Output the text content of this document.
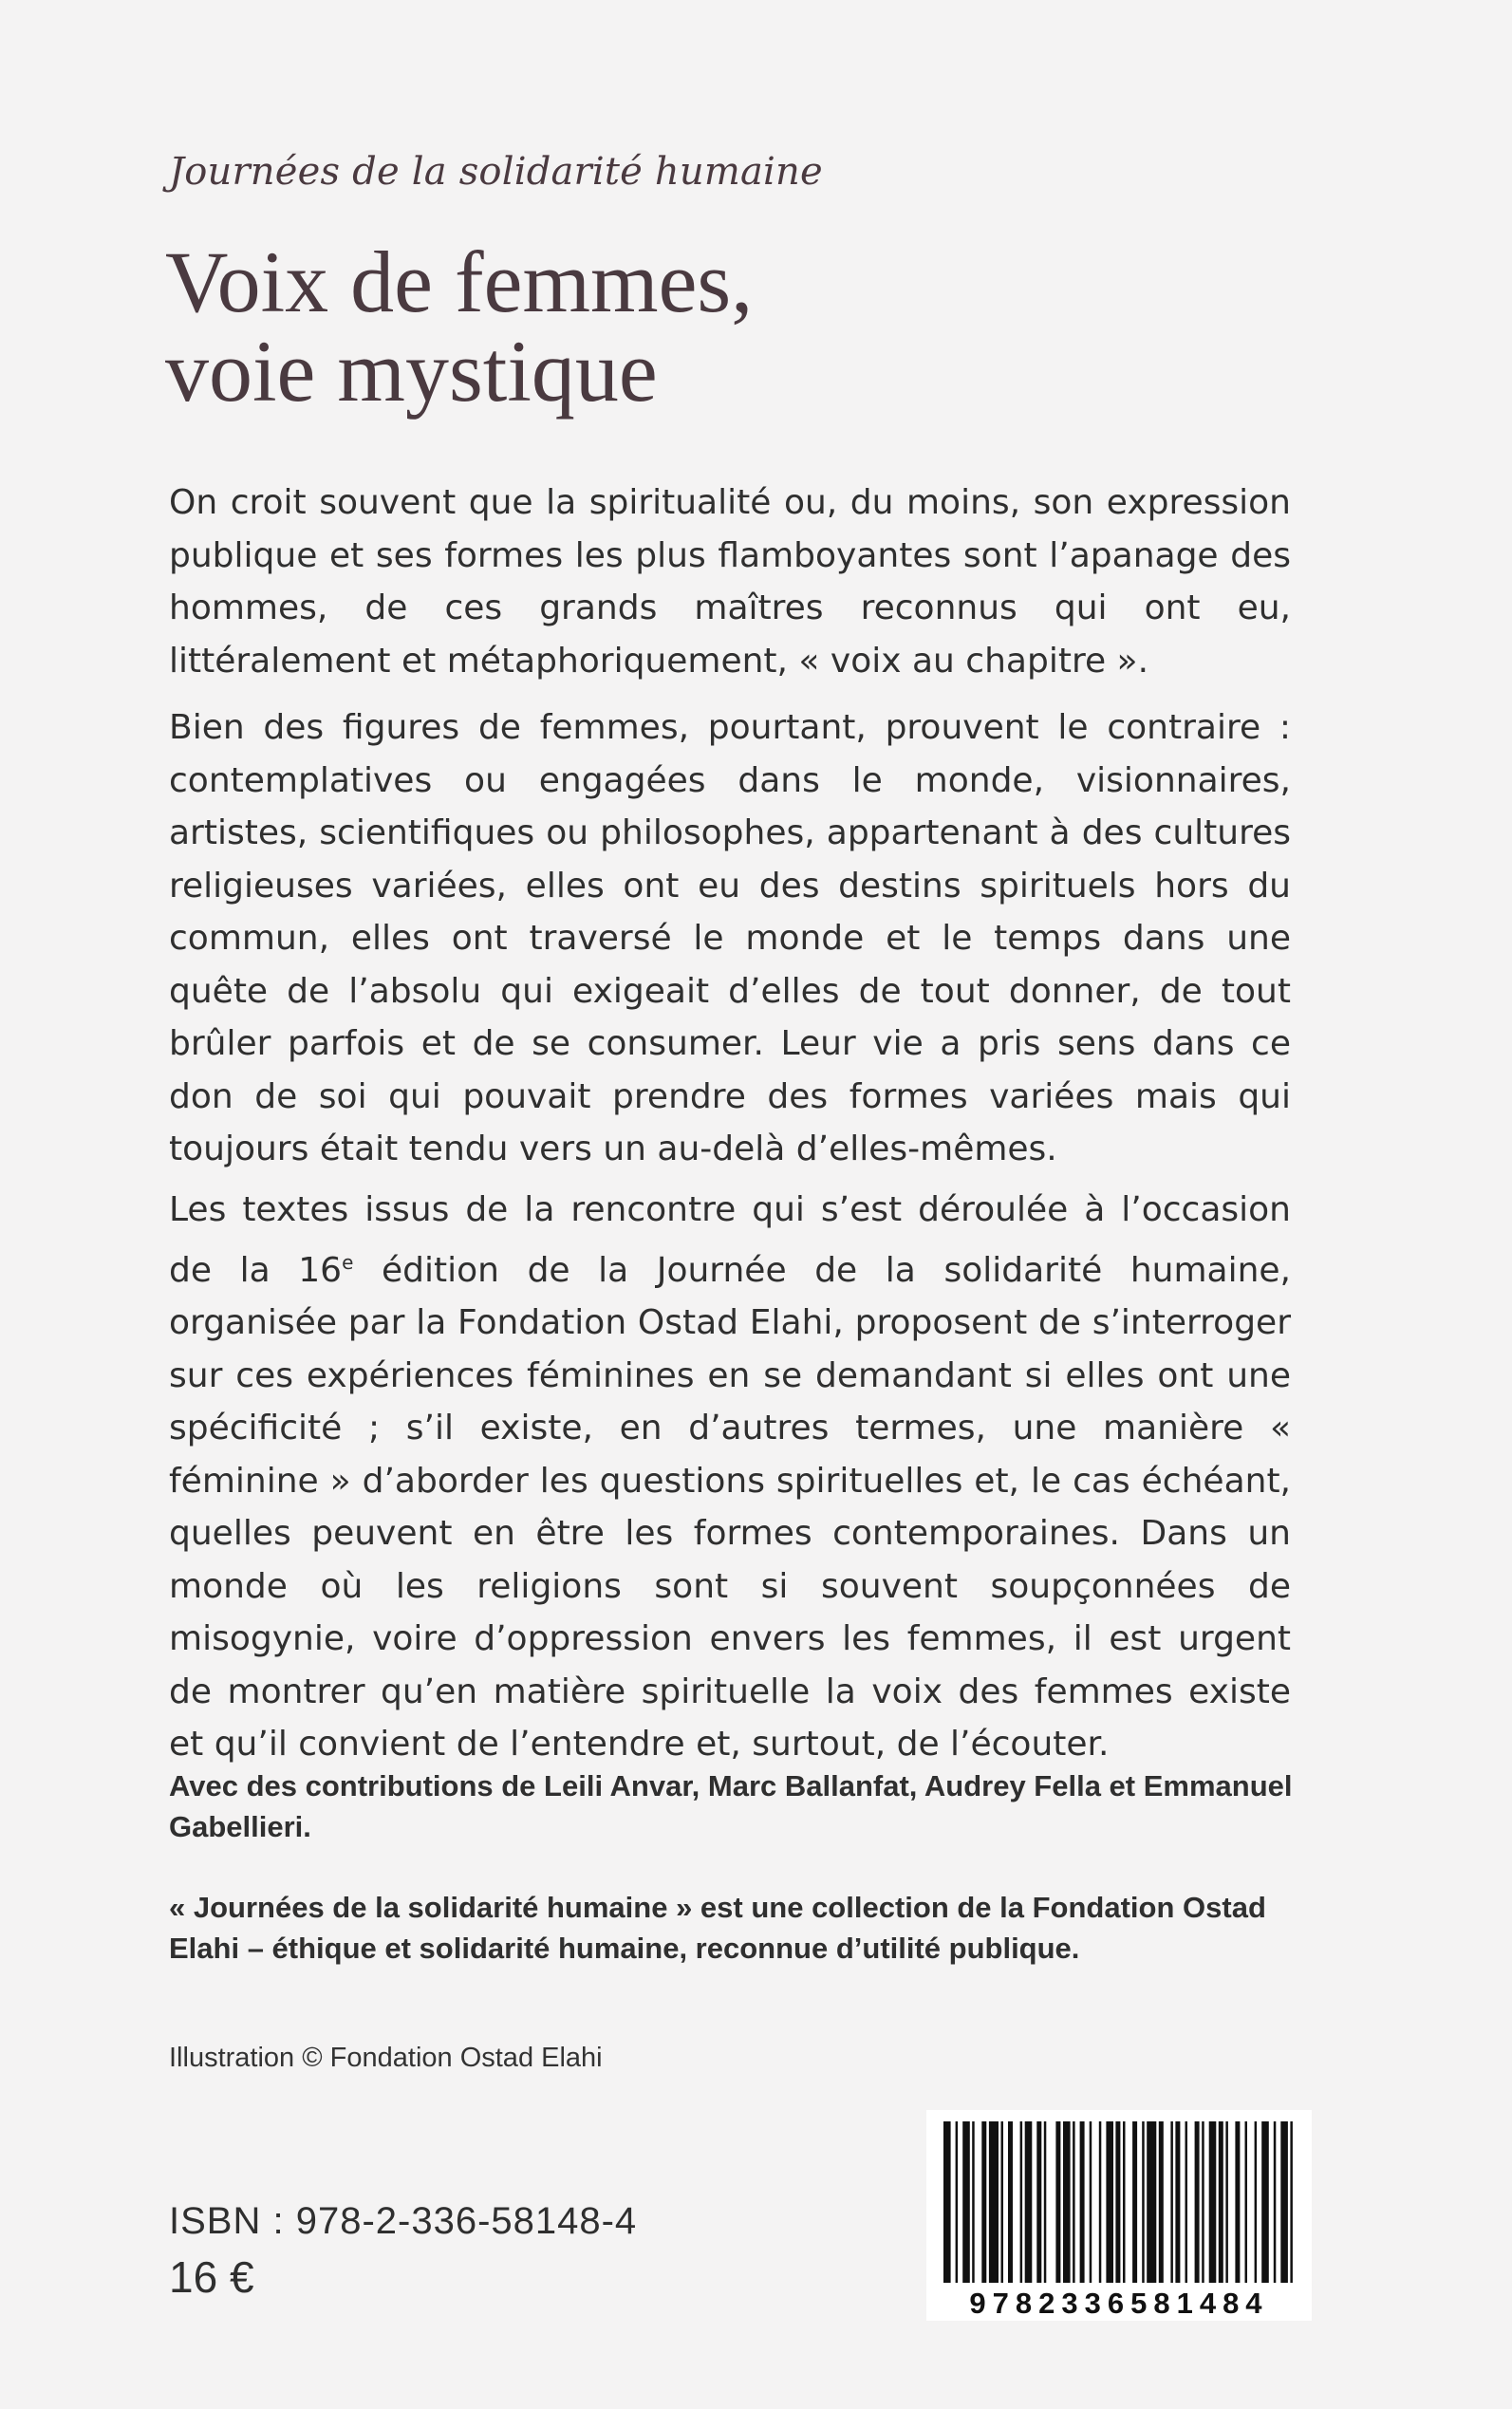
Journées de la solidarité humaine
Voix de femmes,
voie mystique

On croit souvent que la spiritualité ou, du moins, son expression publique et ses formes les plus flamboyantes sont l’apanage des hommes, de ces grands maîtres reconnus qui ont eu, littéralement et métaphoriquement, « voix au chapitre ».

Bien des figures de femmes, pourtant, prouvent le contraire : contemplatives ou engagées dans le monde, visionnaires, artistes, scientifiques ou philosophes, appartenant à des cultures religieuses variées, elles ont eu des destins spirituels hors du commun, elles ont traversé le monde et le temps dans une quête de l’absolu qui exigeait d’elles de tout donner, de tout brûler parfois et de se consumer. Leur vie a pris sens dans ce don de soi qui pouvait prendre des formes variées mais qui toujours était tendu vers un au-delà d’elles-mêmes.

Les textes issus de la rencontre qui s’est déroulée à l’occasion de la 16e édition de la Journée de la solidarité humaine, organisée par la Fondation Ostad Elahi, proposent de s’interroger sur ces expériences féminines en se demandant si elles ont une spécificité ; s’il existe, en d’autres termes, une manière « féminine » d’aborder les questions spirituelles et, le cas échéant, quelles peuvent en être les formes contemporaines. Dans un monde où les religions sont si souvent soupçonnées de misogynie, voire d’oppression envers les femmes, il est urgent de montrer qu’en matière spirituelle la voix des femmes existe et qu’il convient de l’entendre et, surtout, de l’écouter.

Avec des contributions de Leili Anvar, Marc Ballanfat, Audrey Fella et Emmanuel Gabellieri.

« Journées de la solidarité humaine » est une collection de la Fondation Ostad Elahi – éthique et solidarité humaine, reconnue d’utilité publique.

Illustration © Fondation Ostad Elahi
ISBN : 978-2-336-58148-4
16 €
9782336581484
